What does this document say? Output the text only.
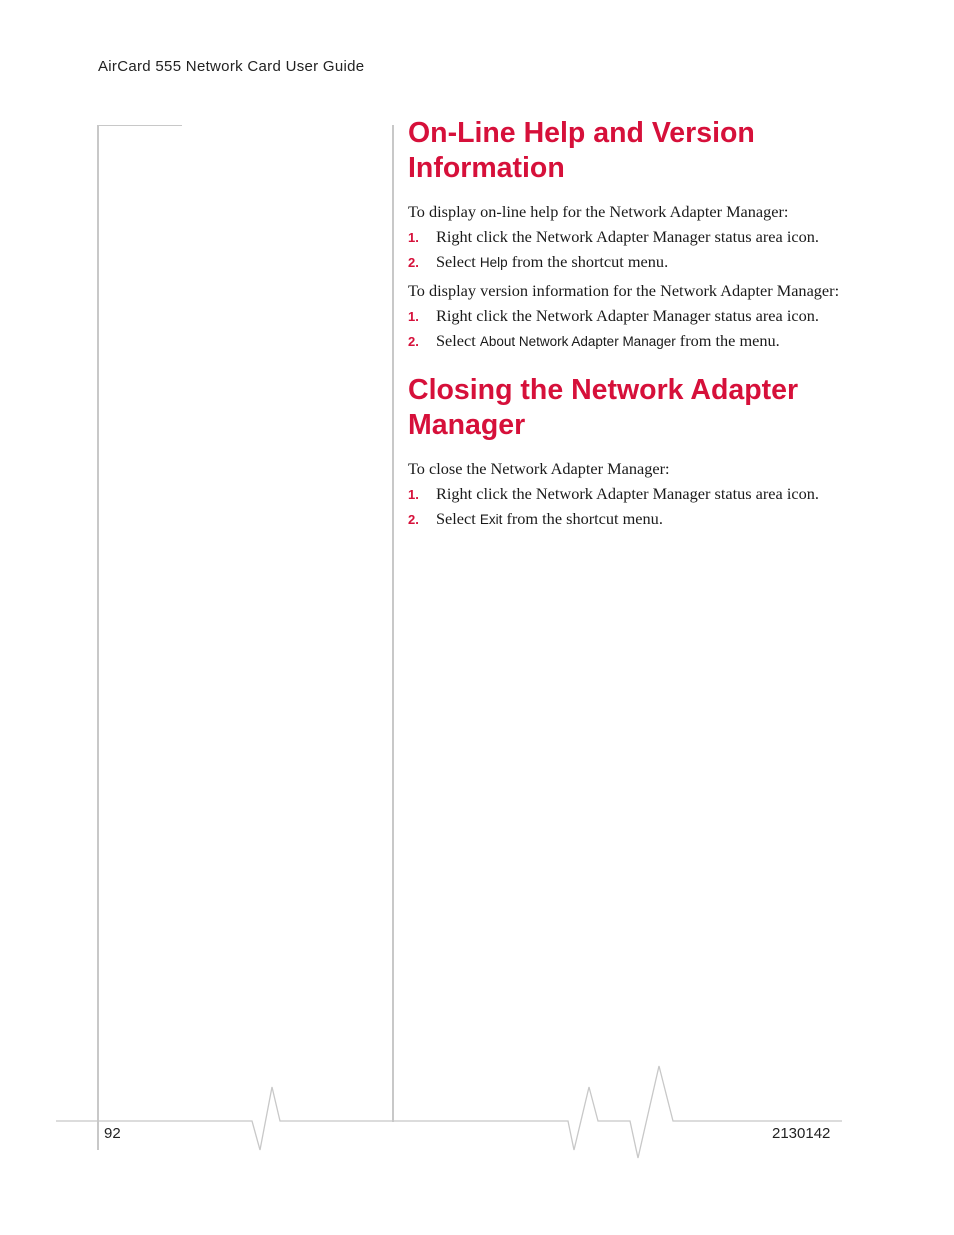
AirCard 555 Network Card User Guide
On-Line Help and Version Information

To display on-line help for the Network Adapter Manager:

1. Right click the Network Adapter Manager status area icon.
2. Select Help from the shortcut menu.

To display version information for the Network Adapter Manager:

1. Right click the Network Adapter Manager status area icon.
2. Select About Network Adapter Manager from the menu.
Closing the Network Adapter Manager

To close the Network Adapter Manager:

1. Right click the Network Adapter Manager status area icon.
2. Select Exit from the shortcut menu.
92	2130142
